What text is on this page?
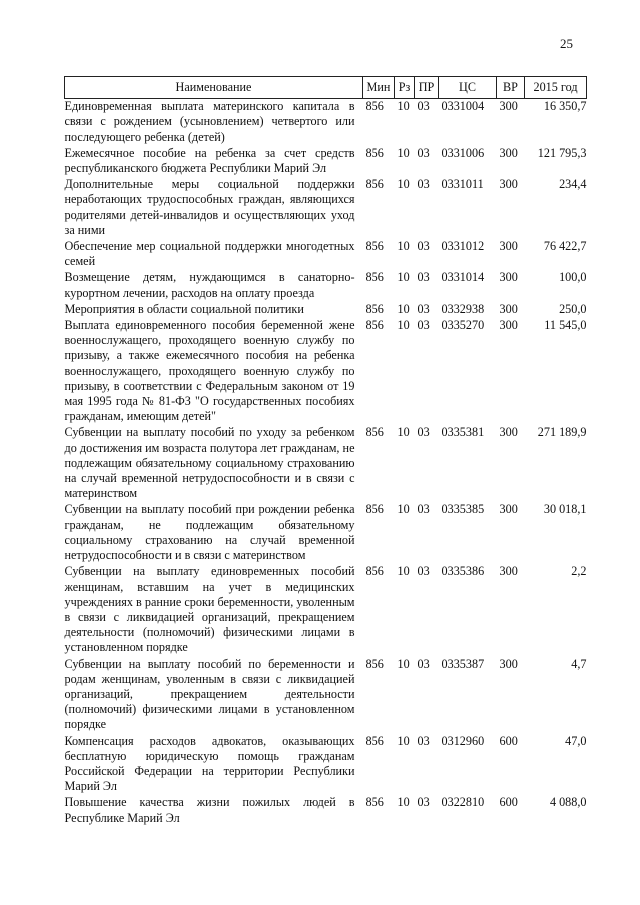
25
Наименование	Мин	Рз	ПР	ЦС	ВР	2015 год
Единовременная выплата материнского капитала в связи с рождением (усыновлением) четвертого или последующего ребенка (детей)	856	10	03	0331004	300	16 350,7
Ежемесячное пособие на ребенка за счет средств республиканского бюджета Республики Марий Эл	856	10	03	0331006	300	121 795,3
Дополнительные меры социальной поддержки неработающих трудоспособных граждан, являющихся родителями детей-инвалидов и осуществляющих уход за ними	856	10	03	0331011	300	234,4
Обеспечение мер социальной поддержки многодетных семей	856	10	03	0331012	300	76 422,7
Возмещение детям, нуждающимся в санаторно-курортном лечении, расходов на оплату проезда	856	10	03	0331014	300	100,0
Мероприятия в области социальной политики	856	10	03	0332938	300	250,0
Выплата единовременного пособия беременной жене военнослужащего, проходящего военную службу по призыву, а также ежемесячного пособия на ребенка военнослужащего, проходящего военную службу по призыву, в соответствии с Федеральным законом от 19 мая 1995 года № 81-ФЗ "О государственных пособиях гражданам, имеющим детей"	856	10	03	0335270	300	11 545,0
Субвенции на выплату пособий по уходу за ребенком до достижения им возраста полутора лет гражданам, не подлежащим обязательному социальному страхованию на случай временной нетрудоспособности и в связи с материнством	856	10	03	0335381	300	271 189,9
Субвенции на выплату пособий при рождении ребенка гражданам, не подлежащим обязательному социальному страхованию на случай временной нетрудоспособности и в связи с материнством	856	10	03	0335385	300	30 018,1
Субвенции на выплату единовременных пособий женщинам, вставшим на учет в медицинских учреждениях в ранние сроки беременности, уволенным в связи с ликвидацией организаций, прекращением деятельности (полномочий) физическими лицами в установленном порядке	856	10	03	0335386	300	2,2
Субвенции на выплату пособий по беременности и родам женщинам, уволенным в связи с ликвидацией организаций, прекращением деятельности (полномочий) физическими лицами в установленном порядке	856	10	03	0335387	300	4,7
Компенсация расходов адвокатов, оказывающих бесплатную юридическую помощь гражданам Российской Федерации на территории Республики Марий Эл	856	10	03	0312960	600	47,0
Повышение качества жизни пожилых людей в Республике Марий Эл	856	10	03	0322810	600	4 088,0
